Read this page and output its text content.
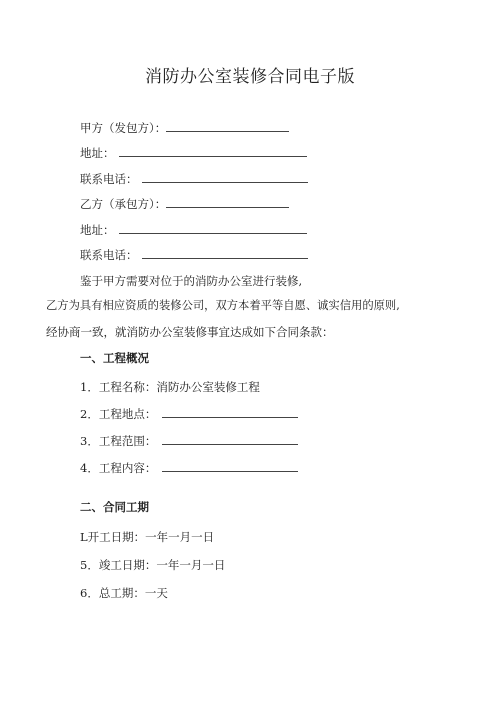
消防办公室装修合同电子版
甲方（发包方）：
地址：
联系电话：
乙方（承包方）：
地址：
联系电话：
鉴于甲方需要对位于的消防办公室进行装修,
乙方为具有相应资质的装修公司，双方本着平等自愿、诚实信用的原则,
经协商一致，就消防办公室装修事宜达成如下合同条款：
一、工程概况
1．工程名称：消防办公室装修工程
2．工程地点：
3．工程范围：
4．工程内容：
二、合同工期
L开工日期：一年一月一日
5．竣工日期：一年一月一日
6．总工期：一天
